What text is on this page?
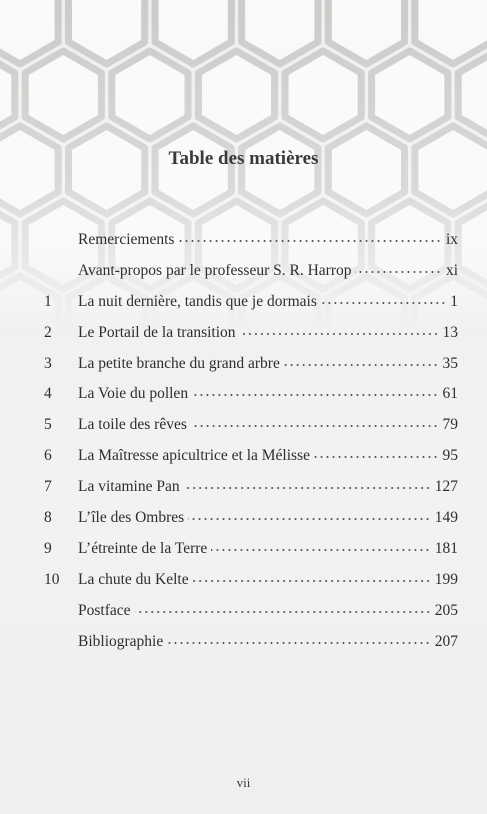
Table des matières
Remerciements	ix
Avant-propos par le professeur S. R. Harrop	xi
1	La nuit dernière, tandis que je dormais	1
2	Le Portail de la transition	13
3	La petite branche du grand arbre	35
4	La Voie du pollen	61
5	La toile des rêves	79
6	La Maîtresse apicultrice et la Mélisse	95
7	La vitamine Pan	127
8	L’île des Ombres	149
9	L’étreinte de la Terre	181
10	La chute du Kelte	199
Postface	205
Bibliographie	207
vii
